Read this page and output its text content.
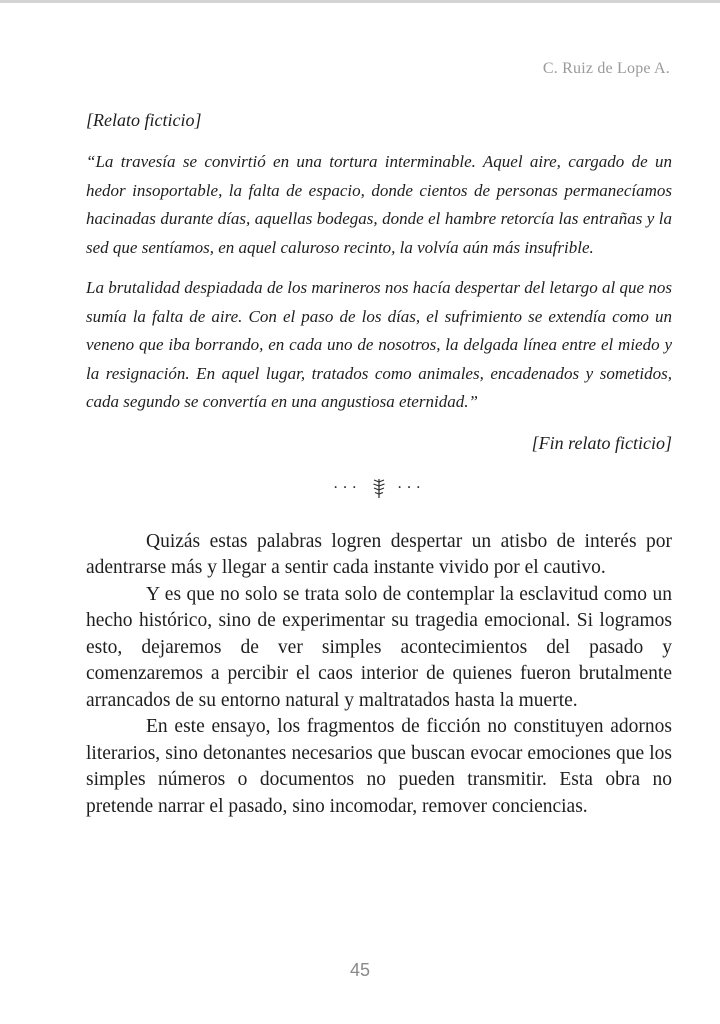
C. Ruiz de Lope A.

[Relato ficticio]

“La travesía se convirtió en una tortura interminable. Aquel aire, cargado de un hedor insoportable, la falta de espacio, donde cientos de personas permanecíamos hacinadas durante días, aquellas bodegas, donde el hambre retorcía las entrañas y la sed que sentíamos, en aquel caluroso recinto, la volvía aún más insufrible.

La brutalidad despiadada de los marineros nos hacía despertar del letargo al que nos sumía la falta de aire. Con el paso de los días, el sufrimiento se extendía como un veneno que iba borrando, en cada uno de nosotros, la delgada línea entre el miedo y la resignación. En aquel lugar, tratados como animales, encadenados y sometidos, cada segundo se convertía en una angustiosa eternidad.”

[Fin relato ficticio]

··· ···

Quizás estas palabras logren despertar un atisbo de interés por adentrarse más y llegar a sentir cada instante vivido por el cautivo.

Y es que no solo se trata solo de contemplar la esclavitud como un hecho histórico, sino de experimentar su tragedia emocional. Si logramos esto, dejaremos de ver simples acontecimientos del pasado y comenzaremos a percibir el caos interior de quienes fueron brutalmente arrancados de su entorno natural y maltratados hasta la muerte.

En este ensayo, los fragmentos de ficción no constituyen adornos literarios, sino detonantes necesarios que buscan evocar emociones que los simples números o documentos no pueden transmitir. Esta obra no pretende narrar el pasado, sino incomodar, remover conciencias.

45
